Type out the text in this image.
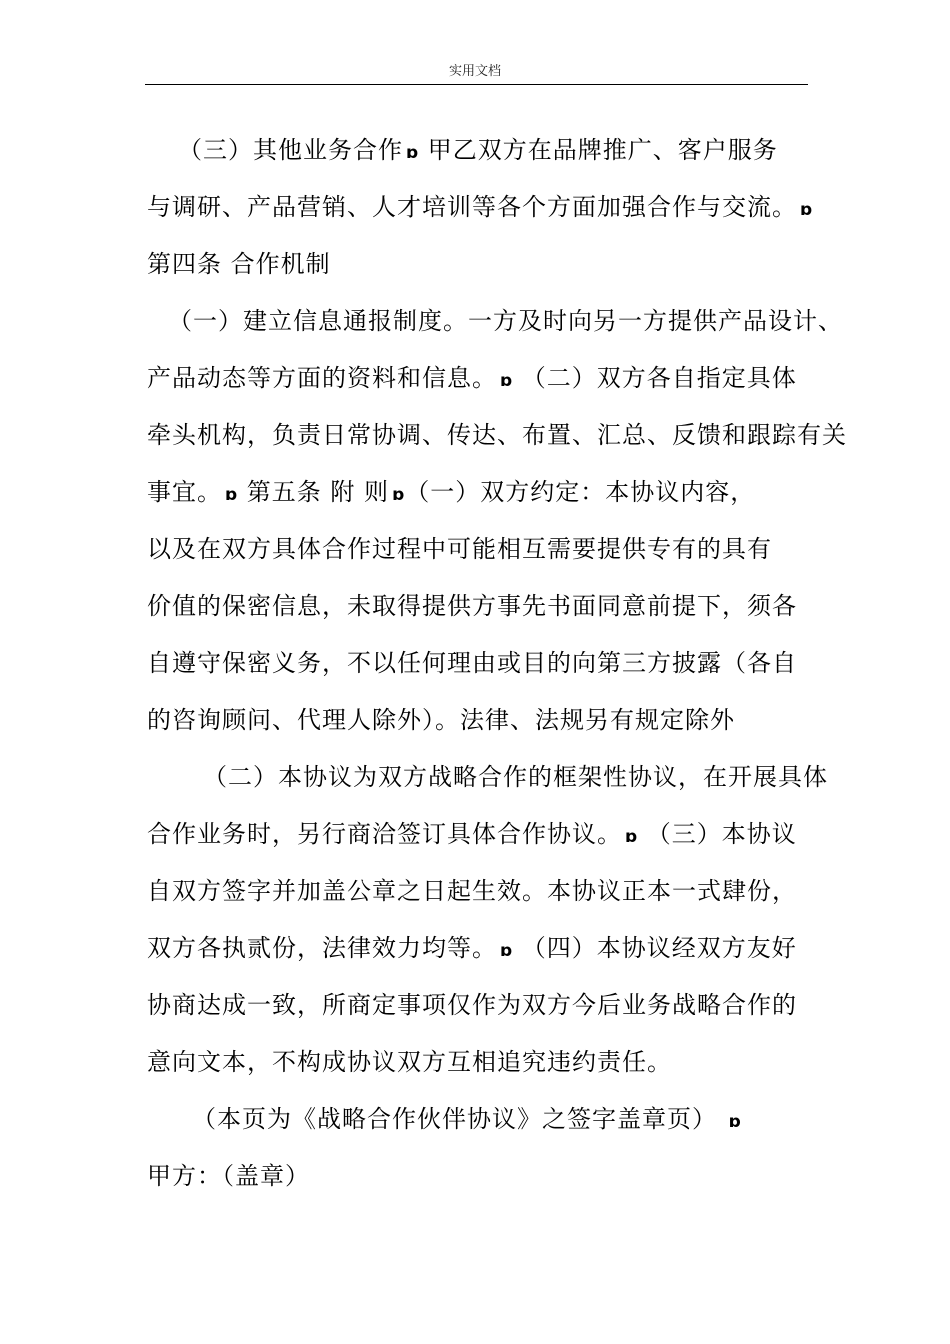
实用文档
（三）其他业务合作 ɒ 甲乙双方在品牌推广、客户服务
与调研、产品营销、人才培训等各个方面加强合作与交流。 ɒ
第四条 合作机制
（一）建立信息通报制度。一方及时向另一方提供产品设计、
产品动态等方面的资料和信息。 ɒ （二）双方各自指定具体
牵头机构，负责日常协调、传达、布置、汇总、反馈和跟踪有关
事宜。 ɒ 第五条 附 则 ɒ（一）双方约定：本协议内容，
以及在双方具体合作过程中可能相互需要提供专有的具有
价值的保密信息，未取得提供方事先书面同意前提下，须各
自遵守保密义务，不以任何理由或目的向第三方披露（各自
的咨询顾问、代理人除外）。法律、法规另有规定除外
（二）本协议为双方战略合作的框架性协议，在开展具体
合作业务时，另行商洽签订具体合作协议。 ɒ （三）本协议
自双方签字并加盖公章之日起生效。本协议正本一式肆份，
双方各执贰份，法律效力均等。 ɒ （四）本协议经双方友好
协商达成一致，所商定事项仅作为双方今后业务战略合作的
意向文本，不构成协议双方互相追究违约责任。
（本页为《战略合作伙伴协议》之签字盖章页） ɒ
甲方：（盖章）
